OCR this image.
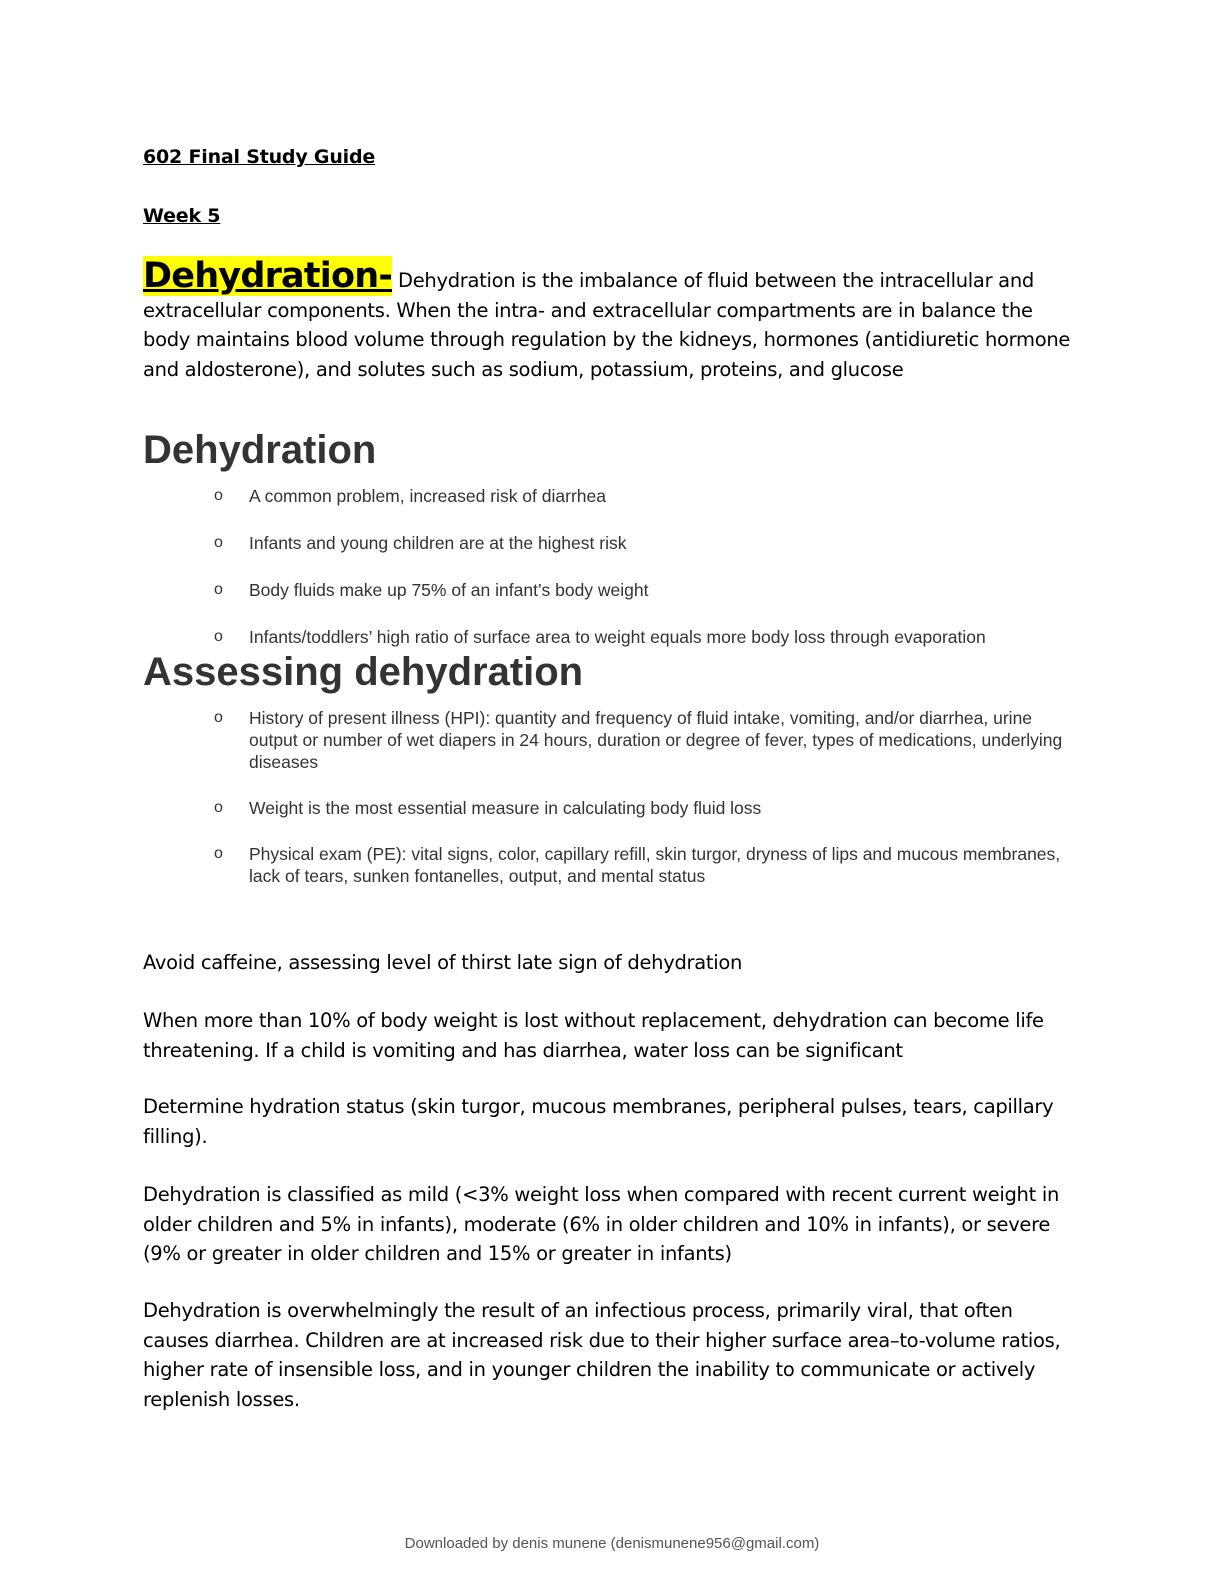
602 Final Study Guide

Week 5

Dehydration- Dehydration is the imbalance of fluid between the intracellular and extracellular components. When the intra- and extracellular compartments are in balance the body maintains blood volume through regulation by the kidneys, hormones (antidiuretic hormone and aldosterone), and solutes such as sodium, potassium, proteins, and glucose

Dehydration
o A common problem, increased risk of diarrhea
o Infants and young children are at the highest risk
o Body fluids make up 75% of an infant’s body weight
o Infants/toddlers’ high ratio of surface area to weight equals more body loss through evaporation
Assessing dehydration
o History of present illness (HPI): quantity and frequency of fluid intake, vomiting, and/or diarrhea, urine output or number of wet diapers in 24 hours, duration or degree of fever, types of medications, underlying diseases
o Weight is the most essential measure in calculating body fluid loss
o Physical exam (PE): vital signs, color, capillary refill, skin turgor, dryness of lips and mucous membranes, lack of tears, sunken fontanelles, output, and mental status

Avoid caffeine, assessing level of thirst late sign of dehydration

When more than 10% of body weight is lost without replacement, dehydration can become life threatening. If a child is vomiting and has diarrhea, water loss can be significant

Determine hydration status (skin turgor, mucous membranes, peripheral pulses, tears, capillary filling).

Dehydration is classified as mild (<3% weight loss when compared with recent current weight in older children and 5% in infants), moderate (6% in older children and 10% in infants), or severe (9% or greater in older children and 15% or greater in infants)

Dehydration is overwhelmingly the result of an infectious process, primarily viral, that often causes diarrhea. Children are at increased risk due to their higher surface area–to-volume ratios, higher rate of insensible loss, and in younger children the inability to communicate or actively replenish losses.

Downloaded by denis munene (denismunene956@gmail.com)
